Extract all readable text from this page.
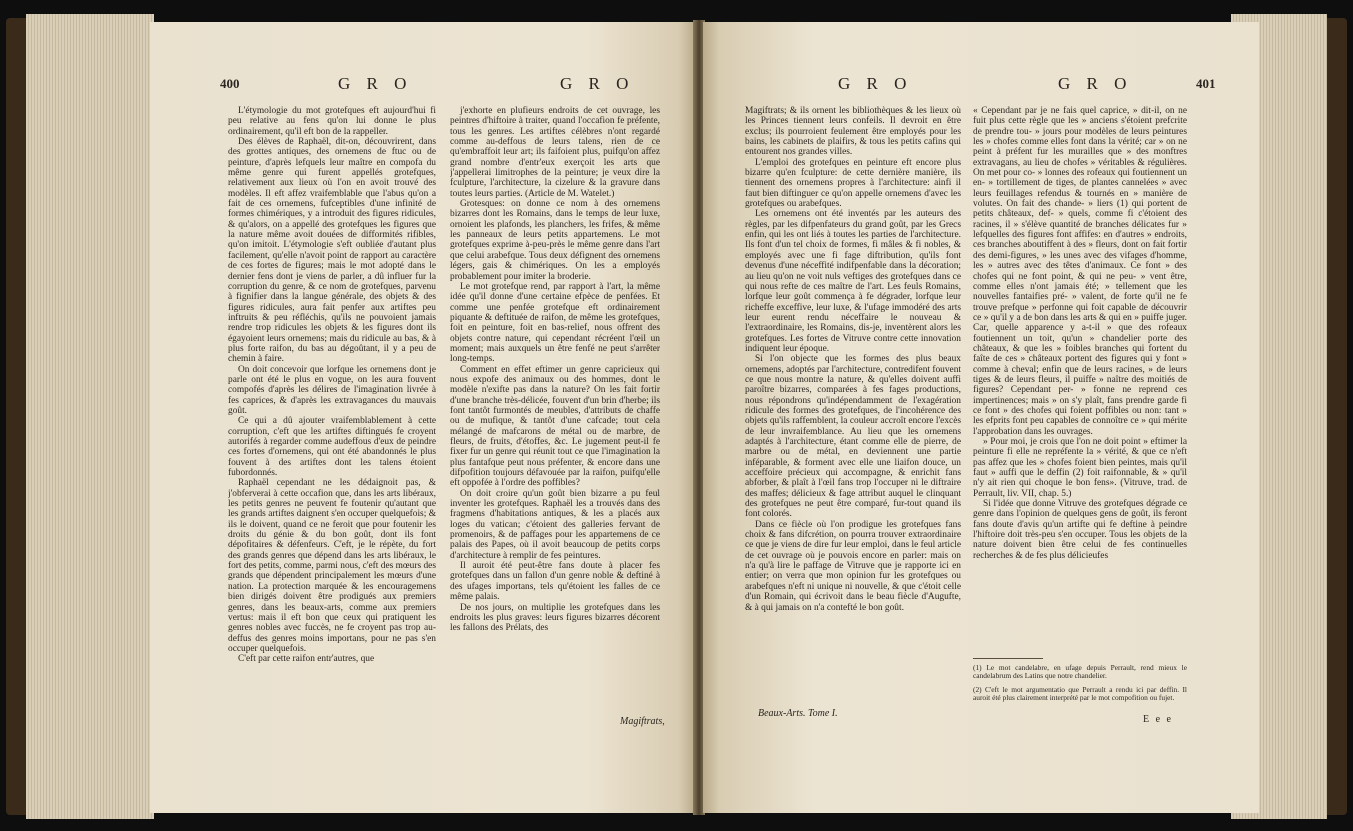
400	G R O	G R O

L'étymologie du mot grotefques eft aujourd'hui fi peu relative au fens qu'on lui donne le plus ordinairement, qu'il eft bon de la rappeller.

Des élèves de Raphaël, dit-on, découvrirent, dans des grottes antiques, des ornemens de ftuc ou de peinture, d'après lefquels leur maître en compofa du même genre qui furent appellés grotefques, relativement aux lieux où l'on en avoit trouvé des modèles. Il eft affez vraifemblable que l'abus qu'on a fait de ces ornemens, fufceptibles d'une infinité de formes chimériques, y a introduit des figures ridicules, & qu'alors, on a appellé des grotefques les figures que la nature même avoit douées de difformités rifibles, qu'on imitoit. L'étymologie s'eft oubliée d'autant plus facilement, qu'elle n'avoit point de rapport au caractère de ces fortes de figures; mais le mot adopté dans le dernier fens dont je viens de parler, a dû influer fur la corruption du genre, & ce nom de grotefques, parvenu à fignifier dans la langue générale, des objets & des figures ridicules, aura fait penfer aux artiftes peu inftruits & peu réfléchis, qu'ils ne pouvoient jamais rendre trop ridicules les objets & les figures dont ils égayoient leurs ornemens; mais du ridicule au bas, & à plus forte raifon, du bas au dégoûtant, il y a peu de chemin à faire.

On doit concevoir que lorfque les ornemens dont je parle ont été le plus en vogue, on les aura fouvent compofés d'après les délires de l'imagination livrée à fes caprices, & d'après les extravagances du mauvais goût.

Ce qui a dû ajouter vraifemblablement à cette corruption, c'eft que les artiftes diftingués fe croyent autorifés à regarder comme audeffous d'eux de peindre ces fortes d'ornemens, qui ont été abandonnés le plus fouvent à des artiftes dont les talens étoient fubordonnés.

Raphaël cependant ne les dédaignoit pas, & j'obferverai à cette occafion que, dans les arts libéraux, les petits genres ne peuvent fe foutenir qu'autant que les grands artiftes daignent s'en occuper quelquefois; & ils le doivent, quand ce ne feroit que pour foutenir les droits du génie & du bon goût, dont ils font dépofitaires & défenfeurs. C'eft, je le répète, du fort des grands genres que dépend dans les arts libéraux, le fort des petits, comme, parmi nous, c'eft des mœurs des grands que dépendent principalement les mœurs d'une nation. La protection marquée & les encouragemens bien dirigés doivent être prodigués aux premiers genres, dans les beaux-arts, comme aux premiers vertus: mais il eft bon que ceux qui pratiquent les genres nobles avec fuccès, ne fe croyent pas trop au-deffus des genres moins importans, pour ne pas s'en occuper quelquefois.

C'eft par cette raifon entr'autres, que

j'exhorte en plufieurs endroits de cet ouvrage, les peintres d'hiftoire à traiter, quand l'occafion fe préfente, tous les genres. Les artiftes célèbres n'ont regardé comme au-deffous de leurs talens, rien de ce qu'embraffoit leur art; ils faifoient plus, puifqu'on affez grand nombre d'entr'eux exerçoit les arts que j'appellerai limitrophes de la peinture; je veux dire la fculpture, l'architecture, la cizelure & la gravure dans toutes leurs parties. (Article de M. Watelet.)

Grotesques: on donne ce nom à des ornemens bizarres dont les Romains, dans le temps de leur luxe, ornoient les plafonds, les planchers, les frifes, & même les panneaux de leurs petits appartemens. Le mot grotefques exprime à-peu-près le même genre dans l'art que celui arabefque. Tous deux défignent des ornemens légers, gais & chimériques. On les a employés probablement pour imiter la broderie.

Le mot grotefque rend, par rapport à l'art, la même idée qu'il donne d'une certaine efpèce de penfées. Et comme une penfée grotefque eft ordinairement piquante & deftituée de raifon, de même les grotefques, foit en peinture, foit en bas-relief, nous offrent des objets contre nature, qui cependant récréent l'œil un moment; mais auxquels un être fenfé ne peut s'arrêter long-temps.

Comment en effet eftimer un genre capricieux qui nous expofe des animaux ou des hommes, dont le modèle n'exifte pas dans la nature? On les fait fortir d'une branche très-délicée, fouvent d'un brin d'herbe; ils font tantôt furmontés de meubles, d'attributs de chaffe ou de mufique, & tantôt d'une cafcade; tout cela mélangé de mafcarons de métal ou de marbre, de fleurs, de fruits, d'étoffes, &c. Le jugement peut-il fe fixer fur un genre qui réunit tout ce que l'imagination la plus fantafque peut nous préfenter, & encore dans une difpofition toujours défavouée par la raifon, puifqu'elle eft oppofée à l'ordre des poffibles?

On doit croire qu'un goût bien bizarre a pu feul inventer les grotefques. Raphaël les a trouvés dans des fragmens d'habitations antiques, & les a placés aux loges du vatican; c'étoient des galleries fervant de promenoirs, & de paffages pour les appartemens de ce palais des Papes, où il avoit beaucoup de petits corps d'architecture à remplir de fes peintures.

Il auroit été peut-être fans doute à placer fes grotefques dans un fallon d'un genre noble & deftiné à des ufages importans, tels qu'étoient les falles de ce même palais.

De nos jours, on multiplie les grotefques dans les endroits les plus graves: leurs figures bizarres décorent les fallons des Prélats, des

Magiftrats,
G R O	G R O	401

Magiftrats; & ils ornent les bibliothèques & les lieux où les Princes tiennent leurs confeils. Il devroit en être exclus; ils pourroient feulement être employés pour les bains, les cabinets de plaifirs, & tous les petits cafins qui entourent nos grandes villes.

L'emploi des grotefques en peinture eft encore plus bizarre qu'en fculpture: de cette dernière manière, ils tiennent des ornemens propres à l'architecture: ainfi il faut bien diftinguer ce qu'on appelle ornemens d'avec les grotefques ou arabefques.

Les ornemens ont été inventés par les auteurs des règles, par les difpenfateurs du grand goût, par les Grecs enfin, qui les ont liés à toutes les parties de l'architecture. Ils font d'un tel choix de formes, fi mâles & fi nobles, & employés avec une fi fage diftribution, qu'ils font devenus d'une néceffité indifpenfable dans la décoration; au lieu qu'on ne voit nuls veftiges des grotefques dans ce qui nous refte de ces maître de l'art. Les feuls Romains, lorfque leur goût commença à fe dégrader, lorfque leur richeffe exceffive, leur luxe, & l'ufage immodéré des arts leur eurent rendu néceffaire le nouveau & l'extraordinaire, les Romains, dis-je, inventèrent alors les grotefques. Les fortes de Vitruve contre cette innovation indiquent leur époque.

Si l'on objecte que les formes des plus beaux ornemens, adoptés par l'architecture, contredifent fouvent ce que nous montre la nature, & qu'elles doivent auffi paroître bizarres, comparées à fes fages productions, nous répondrons qu'indépendamment de l'exagération ridicule des formes des grotefques, de l'incohérence des objets qu'ils raffemblent, la couleur accroît encore l'excès de leur invraifemblance. Au lieu que les ornemens adaptés à l'architecture, étant comme elle de pierre, de marbre ou de métal, en deviennent une partie inféparable, & forment avec elle une liaifon douce, un acceffoire précieux qui accompagne, & enrichit fans abforber, & plaît à l'œil fans trop l'occuper ni le diftraire des maffes; délicieux & fage attribut auquel le clinquant des grotefques ne peut être comparé, fur-tout quand ils font colorés.

Dans ce fiècle où l'on prodigue les grotefques fans choix & fans difcrétion, on pourra trouver extraordinaire ce que je viens de dire fur leur emploi, dans le feul article de cet ouvrage où je pouvois encore en parler: mais on n'a qu'à lire le paffage de Vitruve que je rapporte ici en entier; on verra que mon opinion fur les grotefques ou arabefques n'eft ni unique ni nouvelle, & que c'étoit celle d'un Romain, qui écrivoit dans le beau fiècle d'Augufte, & à qui jamais on n'a contefté le bon goût.

Beaux-Arts. Tome I.

« Cependant par je ne fais quel caprice, » dit-il, on ne fuit plus cette règle que les » anciens s'étoient prefcrite de prendre tou- » jours pour modèles de leurs peintures les » chofes comme elles font dans la vérité; car » on ne peint à préfent fur les murailles que » des monftres extravagans, au lieu de chofes » véritables & régulières. On met pour co- » lonnes des rofeaux qui foutiennent un en- » tortillement de tiges, de plantes cannelées » avec leurs feuillages refendus & tournés en » manière de volutes. On fait des chande- » liers (1) qui portent de petits châteaux, def- » quels, comme fi c'étoient des racines, il » s'élève quantité de branches délicates fur » lefquelles des figures font affifes: en d'autres » endroits, ces branches aboutiffent à des » fleurs, dont on fait fortir des demi-figures, » les unes avec des vifages d'homme, les » autres avec des têtes d'animaux. Ce font » des chofes qui ne font point, & qui ne peu- » vent être, comme elles n'ont jamais été; » tellement que les nouvelles fantaifies pré- » valent, de forte qu'il ne fe trouve prefque » perfonne qui foit capable de découvrir ce » qu'il y a de bon dans les arts & qui en » puiffe juger. Car, quelle apparence y a-t-il » que des rofeaux foutiennent un toit, qu'un » chandelier porte des châteaux, & que les » foibles branches qui fortent du faîte de ces » châteaux portent des figures qui y font » comme à cheval; enfin que de leurs racines, » de leurs tiges & de leurs fleurs, il puiffe » naître des moitiés de figures? Cependant per- » fonne ne reprend ces impertinences; mais » on s'y plaît, fans prendre garde fi ce font » des chofes qui foient poffibles ou non: tant » les efprits font peu capables de connoître ce » qui mérite l'approbation dans les ouvrages.

» Pour moi, je crois que l'on ne doit point » eftimer la peinture fi elle ne repréfente la » vérité, & que ce n'eft pas affez que les » chofes foient bien peintes, mais qu'il faut » auffi que le deffin (2) foit raifonnable, & » qu'il n'y ait rien qui choque le bon fens». (Vitruve, trad. de Perrault, liv. VII, chap. 5.)

Si l'idée que donne Vitruve des grotefques dégrade ce genre dans l'opinion de quelques gens de goût, ils feront fans doute d'avis qu'un artifte qui fe deftine à peindre l'hiftoire doit très-peu s'en occuper. Tous les objets de la nature doivent bien être celui de fes continuelles recherches & de fes plus délicieufes

(1) Le mot candelabre, en ufage depuis Perrault, rend mieux le candelabrum des Latins que notre chandelier.
(2) C'eft le mot argumentatio que Perrault a rendu ici par deffin. Il auroit été plus clairement interprété par le mot compofition ou fujet.
E e e
